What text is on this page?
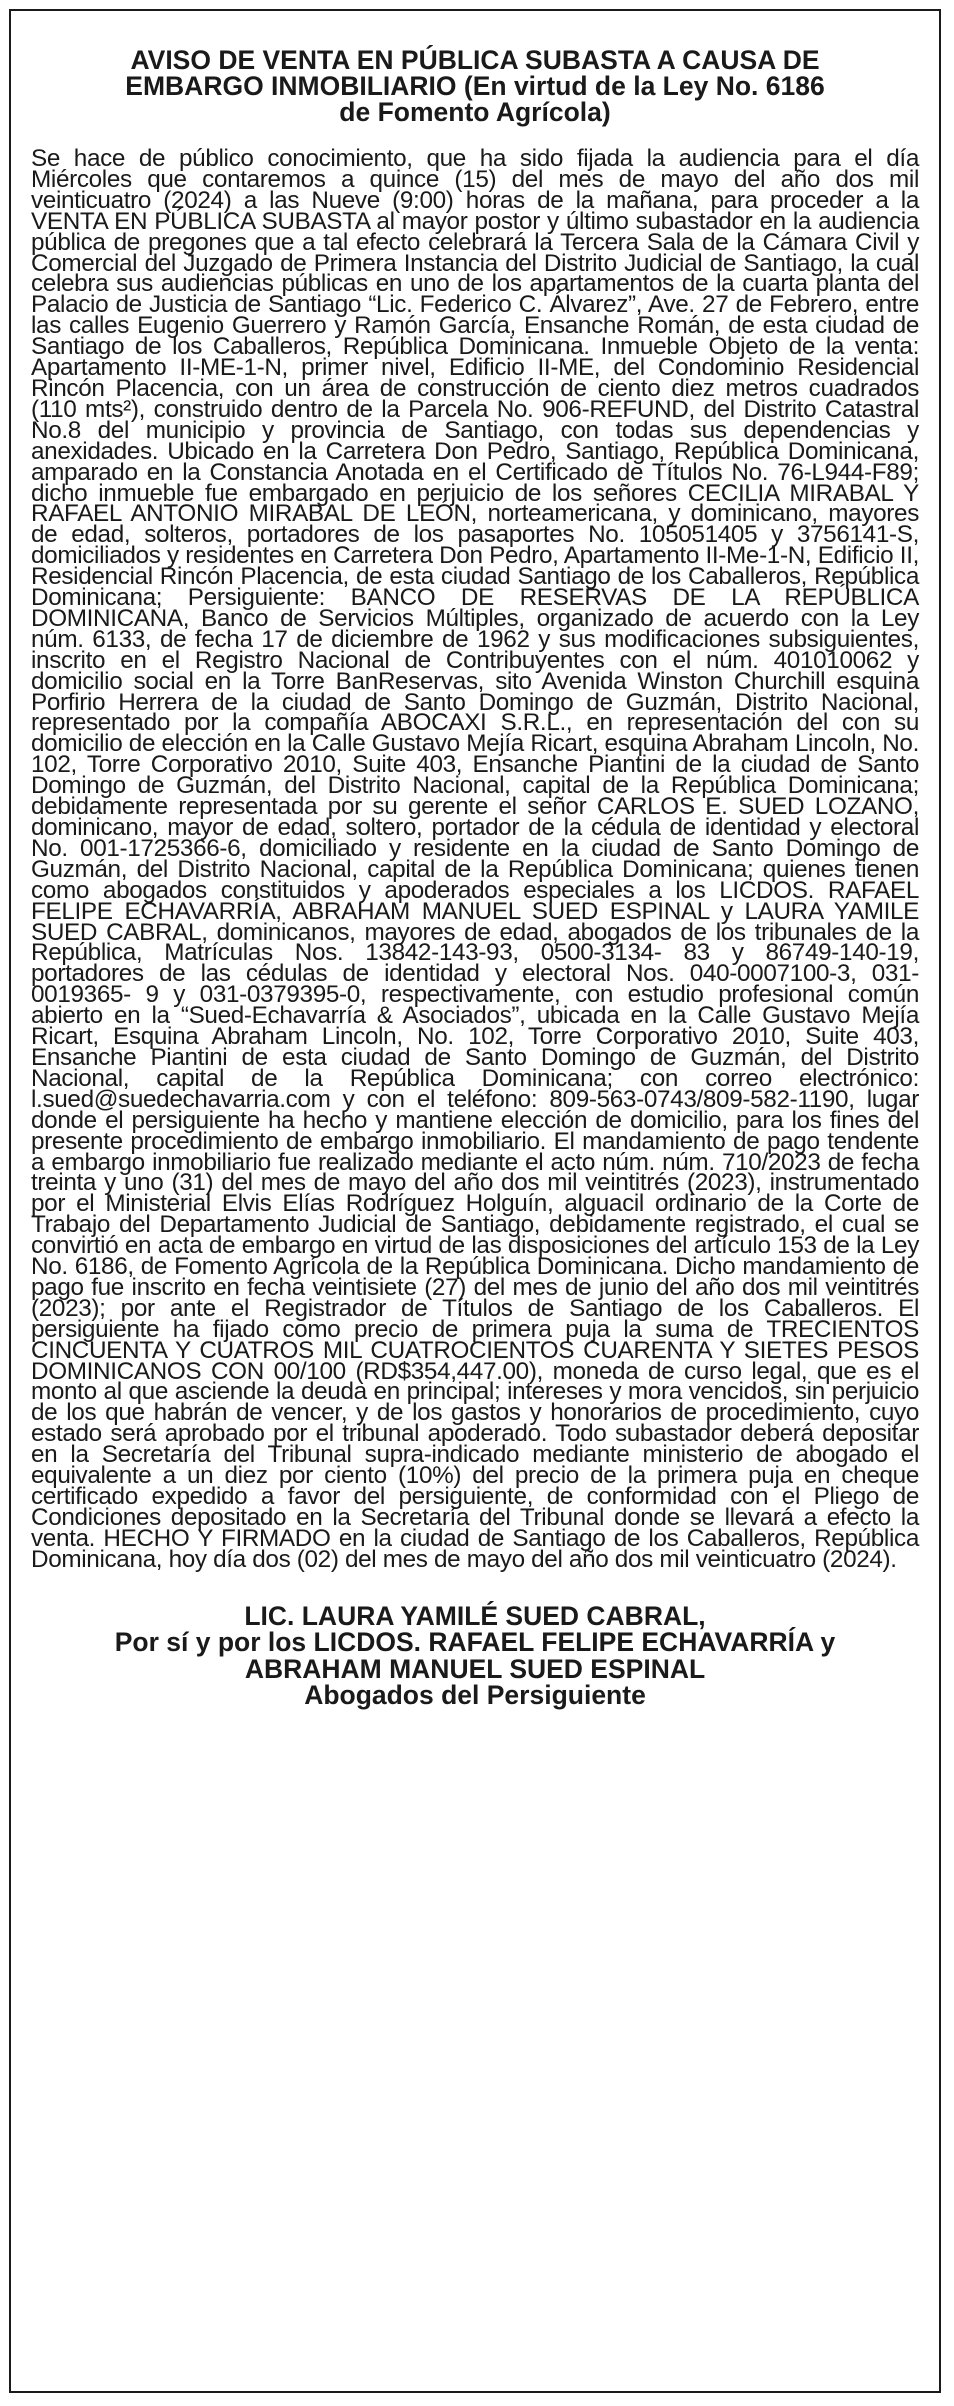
AVISO DE VENTA EN PÚBLICA SUBASTA A CAUSA DE
EMBARGO INMOBILIARIO (En virtud de la Ley No. 6186
de Fomento Agrícola)

Se hace de público conocimiento, que ha sido fijada la audiencia para el día Miércoles que contaremos a quince (15) del mes de mayo del año dos mil veinticuatro (2024) a las Nueve (9:00) horas de la mañana, para proceder a la VENTA EN PÚBLICA SUBASTA al mayor postor y último subastador en la audiencia pública de pregones que a tal efecto celebrará la Tercera Sala de la Cámara Civil y Comercial del Juzgado de Primera Instancia del Distrito Judicial de Santiago, la cual celebra sus audiencias públicas en uno de los apartamentos de la cuarta planta del Palacio de Justicia de Santiago “Lic. Federico C. Álvarez”, Ave. 27 de Febrero, entre las calles Eugenio Guerrero y Ramón García, Ensanche Román, de esta ciudad de Santiago de los Caballeros, República Dominicana. Inmueble Objeto de la venta: Apartamento II-ME-1-N, primer nivel, Edificio II-ME, del Condominio Residencial Rincón Placencia, con un área de construcción de ciento diez metros cuadrados (110 mts²), construido dentro de la Parcela No. 906-REFUND, del Distrito Catastral No.8 del municipio y provincia de Santiago, con todas sus dependencias y anexidades. Ubicado en la Carretera Don Pedro, Santiago, República Dominicana, amparado en la Constancia Anotada en el Certificado de Títulos No. 76-L944-F89; dicho inmueble fue embargado en perjuicio de los señores CECILIA MIRABAL Y RAFAEL ANTONIO MIRABAL DE LEÓN, norteamericana, y dominicano, mayores de edad, solteros, portadores de los pasaportes No. 105051405 y 3756141-S, domiciliados y residentes en Carretera Don Pedro, Apartamento II-Me-1-N, Edificio II, Residencial Rincón Placencia, de esta ciudad Santiago de los Caballeros, República Dominicana; Persiguiente: BANCO DE RESERVAS DE LA REPÚBLICA DOMINICANA, Banco de Servicios Múltiples, organizado de acuerdo con la Ley núm. 6133, de fecha 17 de diciembre de 1962 y sus modificaciones subsiguientes, inscrito en el Registro Nacional de Contribuyentes con el núm. 401010062 y domicilio social en la Torre BanReservas, sito Avenida Winston Churchill esquina Porfirio Herrera de la ciudad de Santo Domingo de Guzmán, Distrito Nacional, representado por la compañía ABOCAXI S.R.L., en representación del con su domicilio de elección en la Calle Gustavo Mejía Ricart, esquina Abraham Lincoln, No. 102, Torre Corporativo 2010, Suite 403, Ensanche Piantini de la ciudad de Santo Domingo de Guzmán, del Distrito Nacional, capital de la República Dominicana; debidamente representada por su gerente el señor CARLOS E. SUED LOZANO, dominicano, mayor de edad, soltero, portador de la cédula de identidad y electoral No. 001-1725366-6, domiciliado y residente en la ciudad de Santo Domingo de Guzmán, del Distrito Nacional, capital de la República Dominicana; quienes tienen como abogados constituidos y apoderados especiales a los LICDOS. RAFAEL FELIPE ECHAVARRÍA, ABRAHAM MANUEL SUED ESPINAL y LAURA YAMILE SUED CABRAL, dominicanos, mayores de edad, abogados de los tribunales de la República, Matrículas Nos. 13842-143-93, 0500-3134- 83 y 86749-140-19, portadores de las cédulas de identidad y electoral Nos. 040-0007100-3, 031-0019365- 9 y 031-0379395-0, respectivamente, con estudio profesional común abierto en la “Sued-Echavarría & Asociados”, ubicada en la Calle Gustavo Mejía Ricart, Esquina Abraham Lincoln, No. 102, Torre Corporativo 2010, Suite 403, Ensanche Piantini de esta ciudad de Santo Domingo de Guzmán, del Distrito Nacional, capital de la República Dominicana; con correo electrónico: l.sued@suedechavarria.com y con el teléfono: 809-563-0743/809-582-1190, lugar donde el persiguiente ha hecho y mantiene elección de domicilio, para los fines del presente procedimiento de embargo inmobiliario. El mandamiento de pago tendente a embargo inmobiliario fue realizado mediante el acto núm. núm. 710/2023 de fecha treinta y uno (31) del mes de mayo del año dos mil veintitrés (2023), instrumentado por el Ministerial Elvis Elías Rodríguez Holguín, alguacil ordinario de la Corte de Trabajo del Departamento Judicial de Santiago, debidamente registrado, el cual se convirtió en acta de embargo en virtud de las disposiciones del artículo 153 de la Ley No. 6186, de Fomento Agrícola de la República Dominicana. Dicho mandamiento de pago fue inscrito en fecha veintisiete (27) del mes de junio del año dos mil veintitrés (2023); por ante el Registrador de Títulos de Santiago de los Caballeros. El persiguiente ha fijado como precio de primera puja la suma de TRECIENTOS CINCUENTA Y CUATROS MIL CUATROCIENTOS CUARENTA Y SIETES PESOS DOMINICANOS CON 00/100 (RD$354,447.00), moneda de curso legal, que es el monto al que asciende la deuda en principal; intereses y mora vencidos, sin perjuicio de los que habrán de vencer, y de los gastos y honorarios de procedimiento, cuyo estado será aprobado por el tribunal apoderado. Todo subastador deberá depositar en la Secretaría del Tribunal supra-indicado mediante ministerio de abogado el equivalente a un diez por ciento (10%) del precio de la primera puja en cheque certificado expedido a favor del persiguiente, de conformidad con el Pliego de Condiciones depositado en la Secretaría del Tribunal donde se llevará a efecto la venta. HECHO Y FIRMADO en la ciudad de Santiago de los Caballeros, República Dominicana, hoy día dos (02) del mes de mayo del año dos mil veinticuatro (2024).

LIC. LAURA YAMILÉ SUED CABRAL,
Por sí y por los LICDOS. RAFAEL FELIPE ECHAVARRÍA y
ABRAHAM MANUEL SUED ESPINAL
Abogados del Persiguiente
